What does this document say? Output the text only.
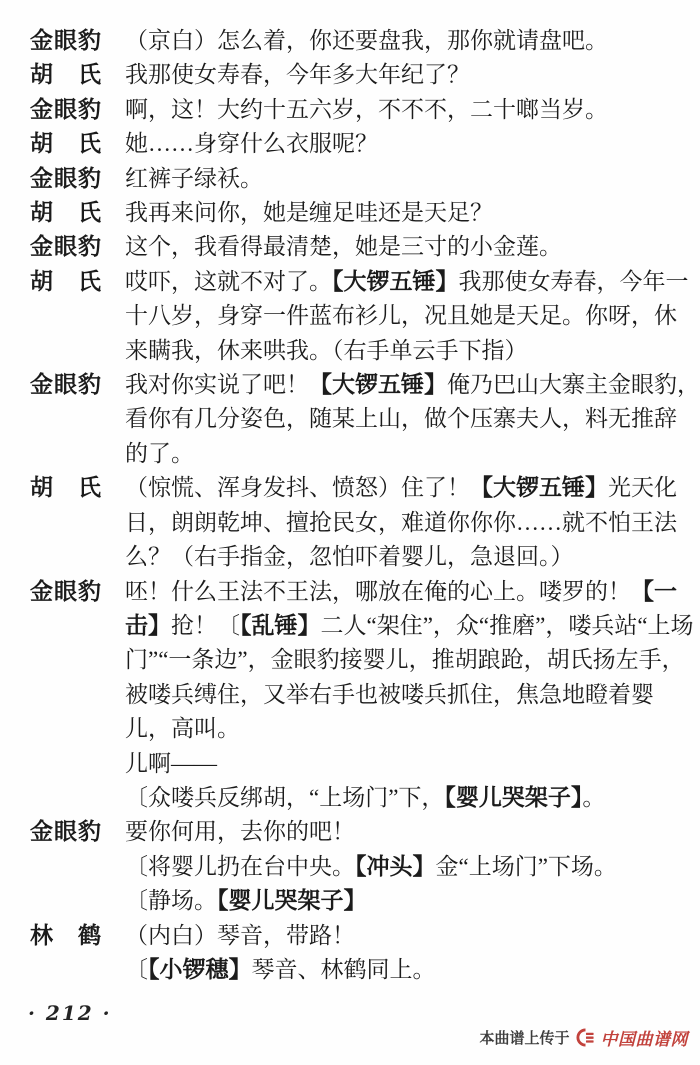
金眼豹	（京白）怎么着，你还要盘我，那你就请盘吧。
胡　氏	我那使女寿春，今年多大年纪了？
金眼豹	啊，这！大约十五六岁，不不不，二十啷当岁。
胡　氏	她……身穿什么衣服呢？
金眼豹	红裤子绿袄。
胡　氏	我再来问你，她是缠足哇还是天足？
金眼豹	这个，我看得最清楚，她是三寸的小金莲。
胡　氏	哎吓，这就不对了。【大锣五锤】我那使女寿春，今年一
十八岁，身穿一件蓝布衫儿，况且她是天足。你呀，休
来瞒我，休来哄我。（右手单云手下指）
金眼豹	我对你实说了吧！【大锣五锤】俺乃巴山大寨主金眼豹，
看你有几分姿色，随某上山，做个压寨夫人，料无推辞
的了。
胡　氏	（惊慌、浑身发抖、愤怒）住了！【大锣五锤】光天化
日，朗朗乾坤、擅抢民女，难道你你你……就不怕王法
么？（右手指金，忽怕吓着婴儿，急退回。）
金眼豹	呸！什么王法不王法，哪放在俺的心上。喽罗的！【一
击】抢！〔【乱锤】二人“架住”，众“推磨”，喽兵站“上场
门”“一条边”，金眼豹接婴儿，推胡踉跄，胡氏扬左手，
被喽兵缚住，又举右手也被喽兵抓住，焦急地瞪着婴
儿，高叫。
儿啊——
〔众喽兵反绑胡，“上场门”下，【婴儿哭架子】。
金眼豹	要你何用，去你的吧！
〔将婴儿扔在台中央。【冲头】金“上场门”下场。
〔静场。【婴儿哭架子】
林　鹤	（内白）琴音，带路！
〔【小锣穗】琴音、林鹤同上。
· 212 ·
本曲谱上传于 中国曲谱网
